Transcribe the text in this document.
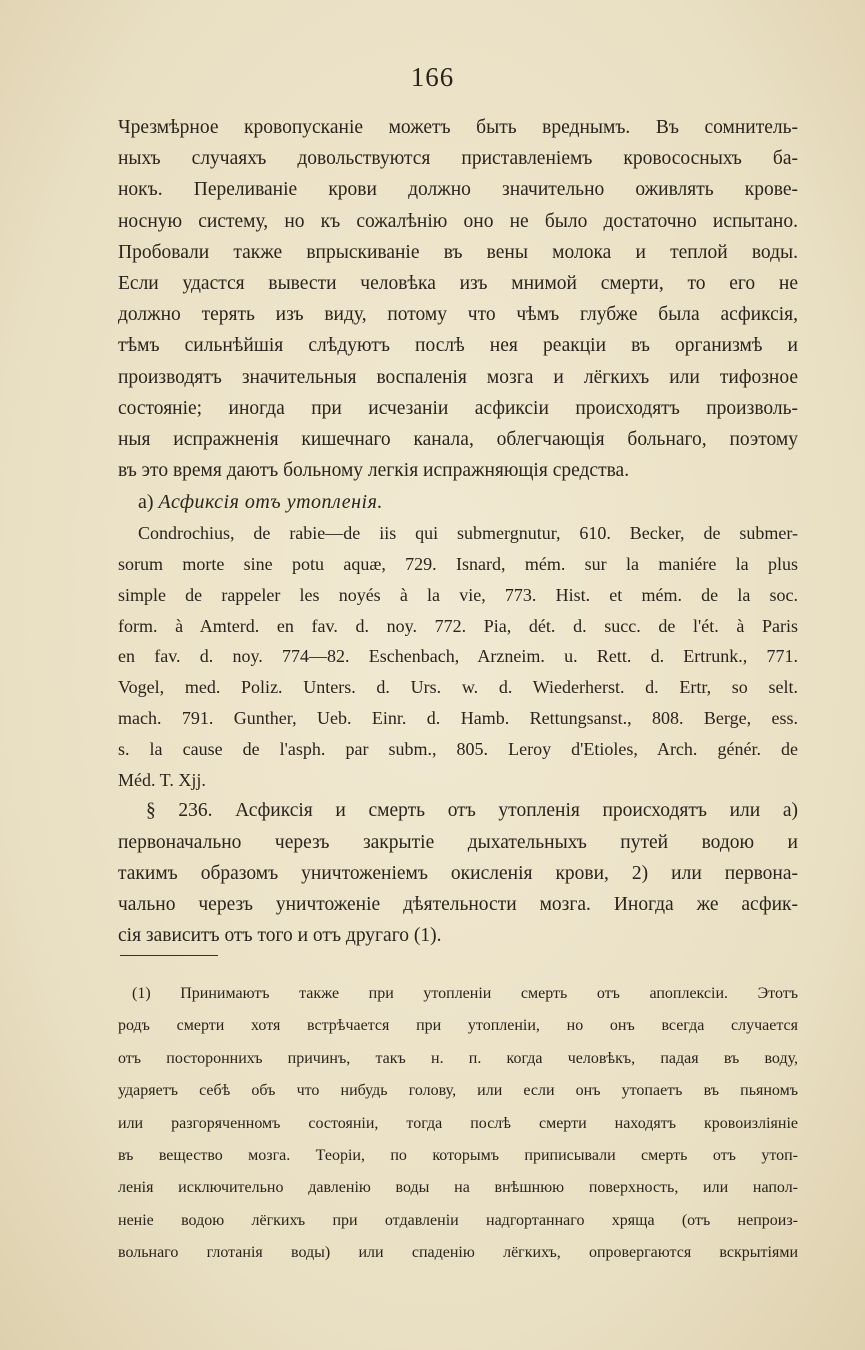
166

Чрезмѣрное кровопусканіе можетъ быть вреднымъ. Въ сомнитель-

ныхъ случаяхъ довольствуются приставленіемъ кровососныхъ ба-

нокъ. Переливаніе крови должно значительно оживлять крове-

носную систему, но къ сожалѣнію оно не было достаточно испытано.

Пробовали также впрыскиваніе въ вены молока и теплой воды.

Если удастся вывести человѣка изъ мнимой смерти, то его не

должно терять изъ виду, потому что чѣмъ глубже была асфиксія,

тѣмъ сильнѣйшія слѣдуютъ послѣ нея реакціи въ организмѣ и

производятъ значительныя воспаленія мозга и лёгкихъ или тифозное

состояніе; иногда при исчезаніи асфиксіи происходятъ произволь-

ныя испражненія кишечнаго канала, облегчающія больнаго, поэтому

въ это время даютъ больному легкія испражняющія средства.

а) Асфиксія отъ утопленія.

Condrochius, de rabie—de iis qui submergnutur, 610. Becker, de submer-

sorum morte sine potu aquæ, 729. Isnard, mém. sur la maniére la plus

simple de rappeler les noyés à la vie, 773. Hist. et mém. de la soc.

form. à Amterd. en fav. d. noy. 772. Pia, dét. d. succ. de l'ét. à Paris

en fav. d. noy. 774—82. Eschenbach, Arzneim. u. Rett. d. Ertrunk., 771.

Vogel, med. Poliz. Unters. d. Urs. w. d. Wiederherst. d. Ertr, so selt.

mach. 791. Gunther, Ueb. Einr. d. Hamb. Rettungsanst., 808. Berge, ess.

s. la cause de l'asph. par subm., 805. Leroy d'Etioles, Arch. génér. de

Méd. T. Xjj.

§ 236. Асфиксія и смерть отъ утопленія происходятъ или а)

первоначально черезъ закрытіе дыхательныхъ путей водою и

такимъ образомъ уничтоженіемъ окисленія крови, 2) или первона-

чально черезъ уничтоженіе дѣятельности мозга. Иногда же асфик-

сія зависитъ отъ того и отъ другаго (1).

(1) Принимаютъ также при утопленіи смерть отъ апоплексіи. Этотъ

родъ смерти хотя встрѣчается при утопленіи, но онъ всегда случается

отъ постороннихъ причинъ, такъ н. п. когда человѣкъ, падая въ воду,

ударяетъ себѣ объ что нибудь голову, или если онъ утопаетъ въ пьяномъ

или разгоряченномъ состояніи, тогда послѣ смерти находятъ кровоизліяніе

въ вещество мозга. Теоріи, по которымъ приписывали смерть отъ утоп-

ленія исключительно давленію воды на внѣшнюю поверхность, или напол-

неніе водою лёгкихъ при отдавленіи надгортаннаго хряща (отъ непроиз-

вольнаго глотанія воды) или спаденію лёгкихъ, опровергаются вскрытіями
